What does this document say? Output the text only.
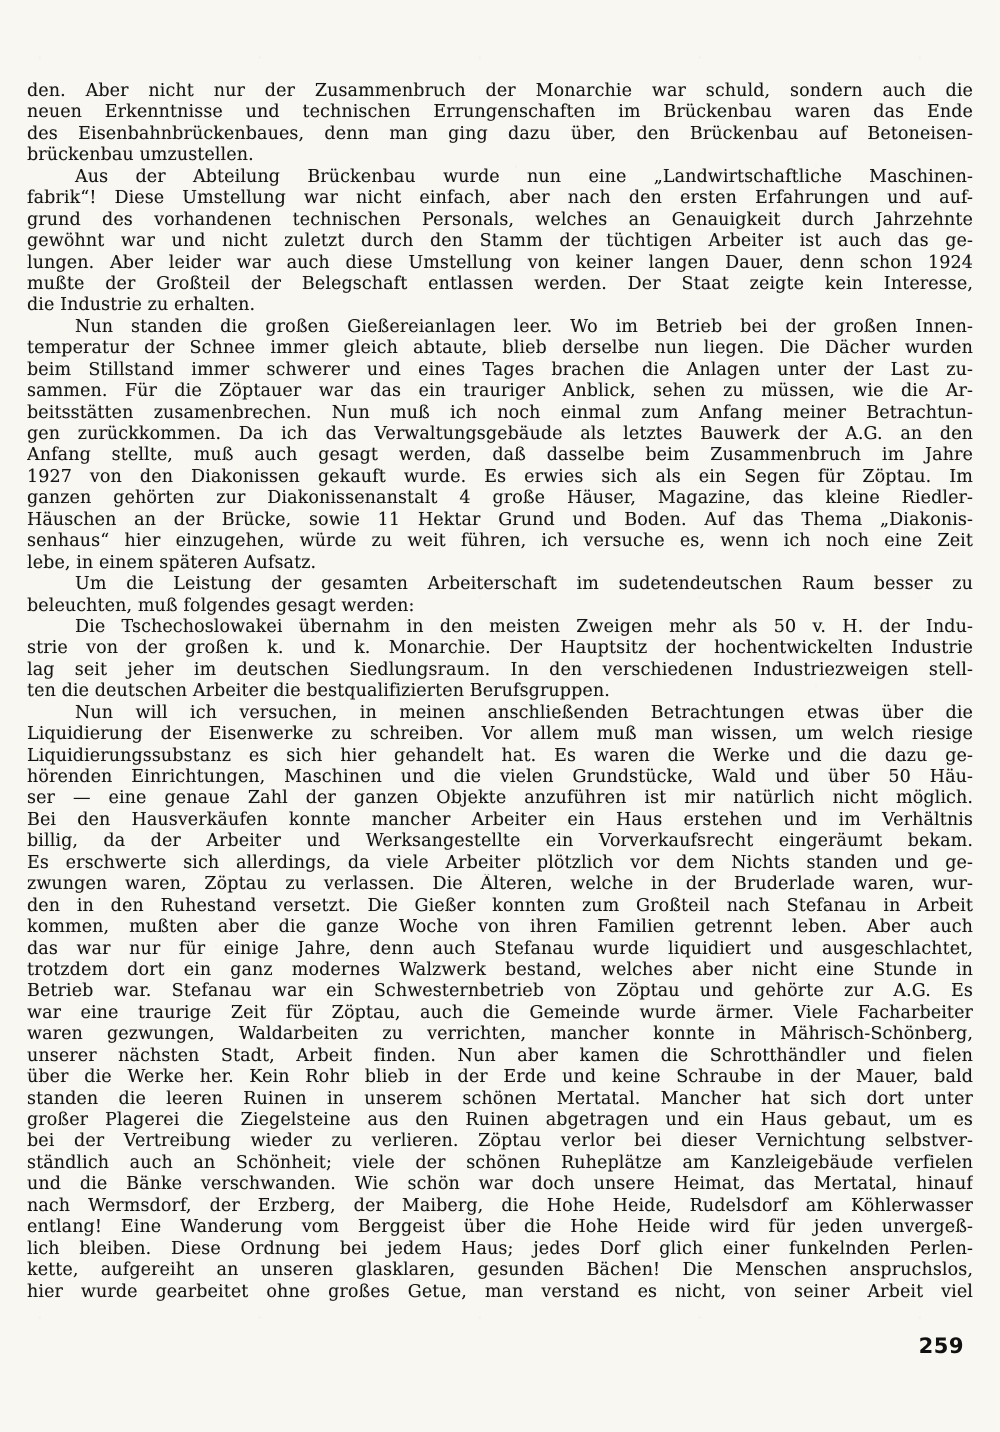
den. Aber nicht nur der Zusammenbruch der Monarchie war schuld, sondern auch die
neuen Erkenntnisse und technischen Errungenschaften im Brückenbau waren das Ende
des Eisenbahnbrückenbaues, denn man ging dazu über, den Brückenbau auf Betoneisen-
brückenbau umzustellen.
Aus der Abteilung Brückenbau wurde nun eine „Landwirtschaftliche Maschinen-
fabrik“! Diese Umstellung war nicht einfach, aber nach den ersten Erfahrungen und auf-
grund des vorhandenen technischen Personals, welches an Genauigkeit durch Jahrzehnte
gewöhnt war und nicht zuletzt durch den Stamm der tüchtigen Arbeiter ist auch das ge-
lungen. Aber leider war auch diese Umstellung von keiner langen Dauer, denn schon 1924
mußte der Großteil der Belegschaft entlassen werden. Der Staat zeigte kein Interesse,
die Industrie zu erhalten.
Nun standen die großen Gießereianlagen leer. Wo im Betrieb bei der großen Innen-
temperatur der Schnee immer gleich abtaute, blieb derselbe nun liegen. Die Dächer wurden
beim Stillstand immer schwerer und eines Tages brachen die Anlagen unter der Last zu-
sammen. Für die Zöptauer war das ein trauriger Anblick, sehen zu müssen, wie die Ar-
beitsstätten zusamenbrechen. Nun muß ich noch einmal zum Anfang meiner Betrachtun-
gen zurückkommen. Da ich das Verwaltungsgebäude als letztes Bauwerk der A.G. an den
Anfang stellte, muß auch gesagt werden, daß dasselbe beim Zusammenbruch im Jahre
1927 von den Diakonissen gekauft wurde. Es erwies sich als ein Segen für Zöptau. Im
ganzen gehörten zur Diakonissenanstalt 4 große Häuser, Magazine, das kleine Riedler-
Häuschen an der Brücke, sowie 11 Hektar Grund und Boden. Auf das Thema „Diakonis-
senhaus“ hier einzugehen, würde zu weit führen, ich versuche es, wenn ich noch eine Zeit
lebe, in einem späteren Aufsatz.
Um die Leistung der gesamten Arbeiterschaft im sudetendeutschen Raum besser zu
beleuchten, muß folgendes gesagt werden:
Die Tschechoslowakei übernahm in den meisten Zweigen mehr als 50 v. H. der Indu-
strie von der großen k. und k. Monarchie. Der Hauptsitz der hochentwickelten Industrie
lag seit jeher im deutschen Siedlungsraum. In den verschiedenen Industriezweigen stell-
ten die deutschen Arbeiter die bestqualifizierten Berufsgruppen.
Nun will ich versuchen, in meinen anschließenden Betrachtungen etwas über die
Liquidierung der Eisenwerke zu schreiben. Vor allem muß man wissen, um welch riesige
Liquidierungssubstanz es sich hier gehandelt hat. Es waren die Werke und die dazu ge-
hörenden Einrichtungen, Maschinen und die vielen Grundstücke, Wald und über 50 Häu-
ser — eine genaue Zahl der ganzen Objekte anzuführen ist mir natürlich nicht möglich.
Bei den Hausverkäufen konnte mancher Arbeiter ein Haus erstehen und im Verhältnis
billig, da der Arbeiter und Werksangestellte ein Vorverkaufsrecht eingeräumt bekam.
Es erschwerte sich allerdings, da viele Arbeiter plötzlich vor dem Nichts standen und ge-
zwungen waren, Zöptau zu verlassen. Die Älteren, welche in der Bruderlade waren, wur-
den in den Ruhestand versetzt. Die Gießer konnten zum Großteil nach Stefanau in Arbeit
kommen, mußten aber die ganze Woche von ihren Familien getrennt leben. Aber auch
das war nur für einige Jahre, denn auch Stefanau wurde liquidiert und ausgeschlachtet,
trotzdem dort ein ganz modernes Walzwerk bestand, welches aber nicht eine Stunde in
Betrieb war. Stefanau war ein Schwesternbetrieb von Zöptau und gehörte zur A.G. Es
war eine traurige Zeit für Zöptau, auch die Gemeinde wurde ärmer. Viele Facharbeiter
waren gezwungen, Waldarbeiten zu verrichten, mancher konnte in Mährisch-Schönberg,
unserer nächsten Stadt, Arbeit finden. Nun aber kamen die Schrotthändler und fielen
über die Werke her. Kein Rohr blieb in der Erde und keine Schraube in der Mauer, bald
standen die leeren Ruinen in unserem schönen Mertatal. Mancher hat sich dort unter
großer Plagerei die Ziegelsteine aus den Ruinen abgetragen und ein Haus gebaut, um es
bei der Vertreibung wieder zu verlieren. Zöptau verlor bei dieser Vernichtung selbstver-
ständlich auch an Schönheit; viele der schönen Ruheplätze am Kanzleigebäude verfielen
und die Bänke verschwanden. Wie schön war doch unsere Heimat, das Mertatal, hinauf
nach Wermsdorf, der Erzberg, der Maiberg, die Hohe Heide, Rudelsdorf am Köhlerwasser
entlang! Eine Wanderung vom Berggeist über die Hohe Heide wird für jeden unvergeß-
lich bleiben. Diese Ordnung bei jedem Haus; jedes Dorf glich einer funkelnden Perlen-
kette, aufgereiht an unseren glasklaren, gesunden Bächen! Die Menschen anspruchslos,
hier wurde gearbeitet ohne großes Getue, man verstand es nicht, von seiner Arbeit viel
259
